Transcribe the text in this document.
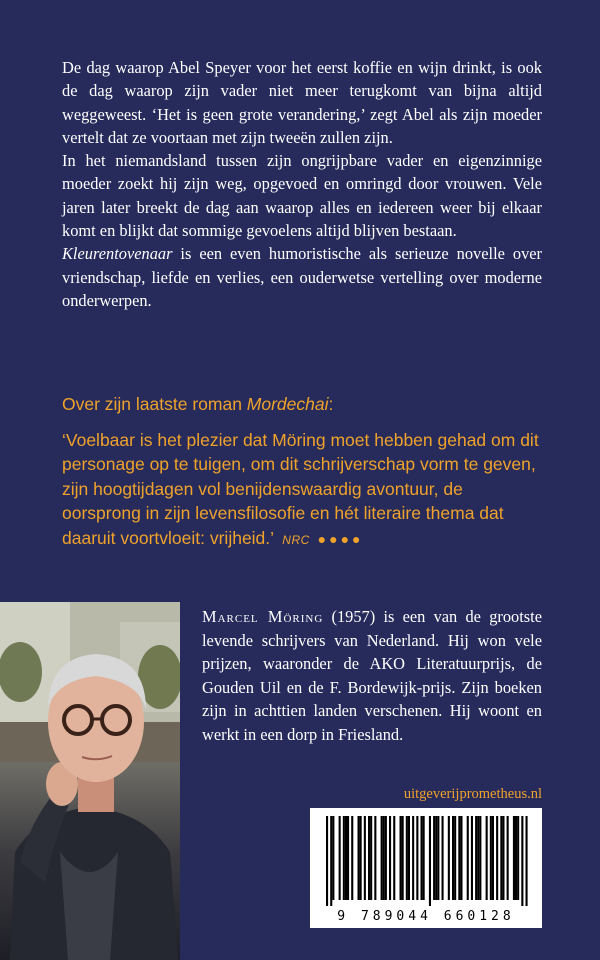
De dag waarop Abel Speyer voor het eerst koffie en wijn drinkt, is ook de dag waarop zijn vader niet meer terugkomt van bijna altijd weggeweest. ‘Het is geen grote verandering,’ zegt Abel als zijn moeder vertelt dat ze voortaan met zijn tweeën zullen zijn.

In het niemandsland tussen zijn ongrijpbare vader en eigenzinnige moeder zoekt hij zijn weg, opgevoed en omringd door vrouwen. Vele jaren later breekt de dag aan waarop alles en iedereen weer bij elkaar komt en blijkt dat sommige gevoelens altijd blijven bestaan.

Kleurentovenaar is een even humoristische als serieuze novelle over vriendschap, liefde en verlies, een ouderwetse vertelling over moderne onderwerpen.

Over zijn laatste roman Mordechai:
‘Voelbaar is het plezier dat Möring moet hebben gehad om dit personage op te tuigen, om dit schrijverschap vorm te geven, zijn hoogtijdagen vol benijdenswaardig avontuur, de oorsprong in zijn levensfilosofie en hét literaire thema dat daaruit voortvloeit: vrijheid.’ NRC ●●●●
Marcel Möring (1957) is een van de grootste levende schrijvers van Nederland. Hij won vele prijzen, waaronder de AKO Literatuurprijs, de Gouden Uil en de F. Bordewijk-prijs. Zijn boeken zijn in achttien landen verschenen. Hij woont en werkt in een dorp in Friesland.
uitgeverijprometheus.nl
9 789044 660128
